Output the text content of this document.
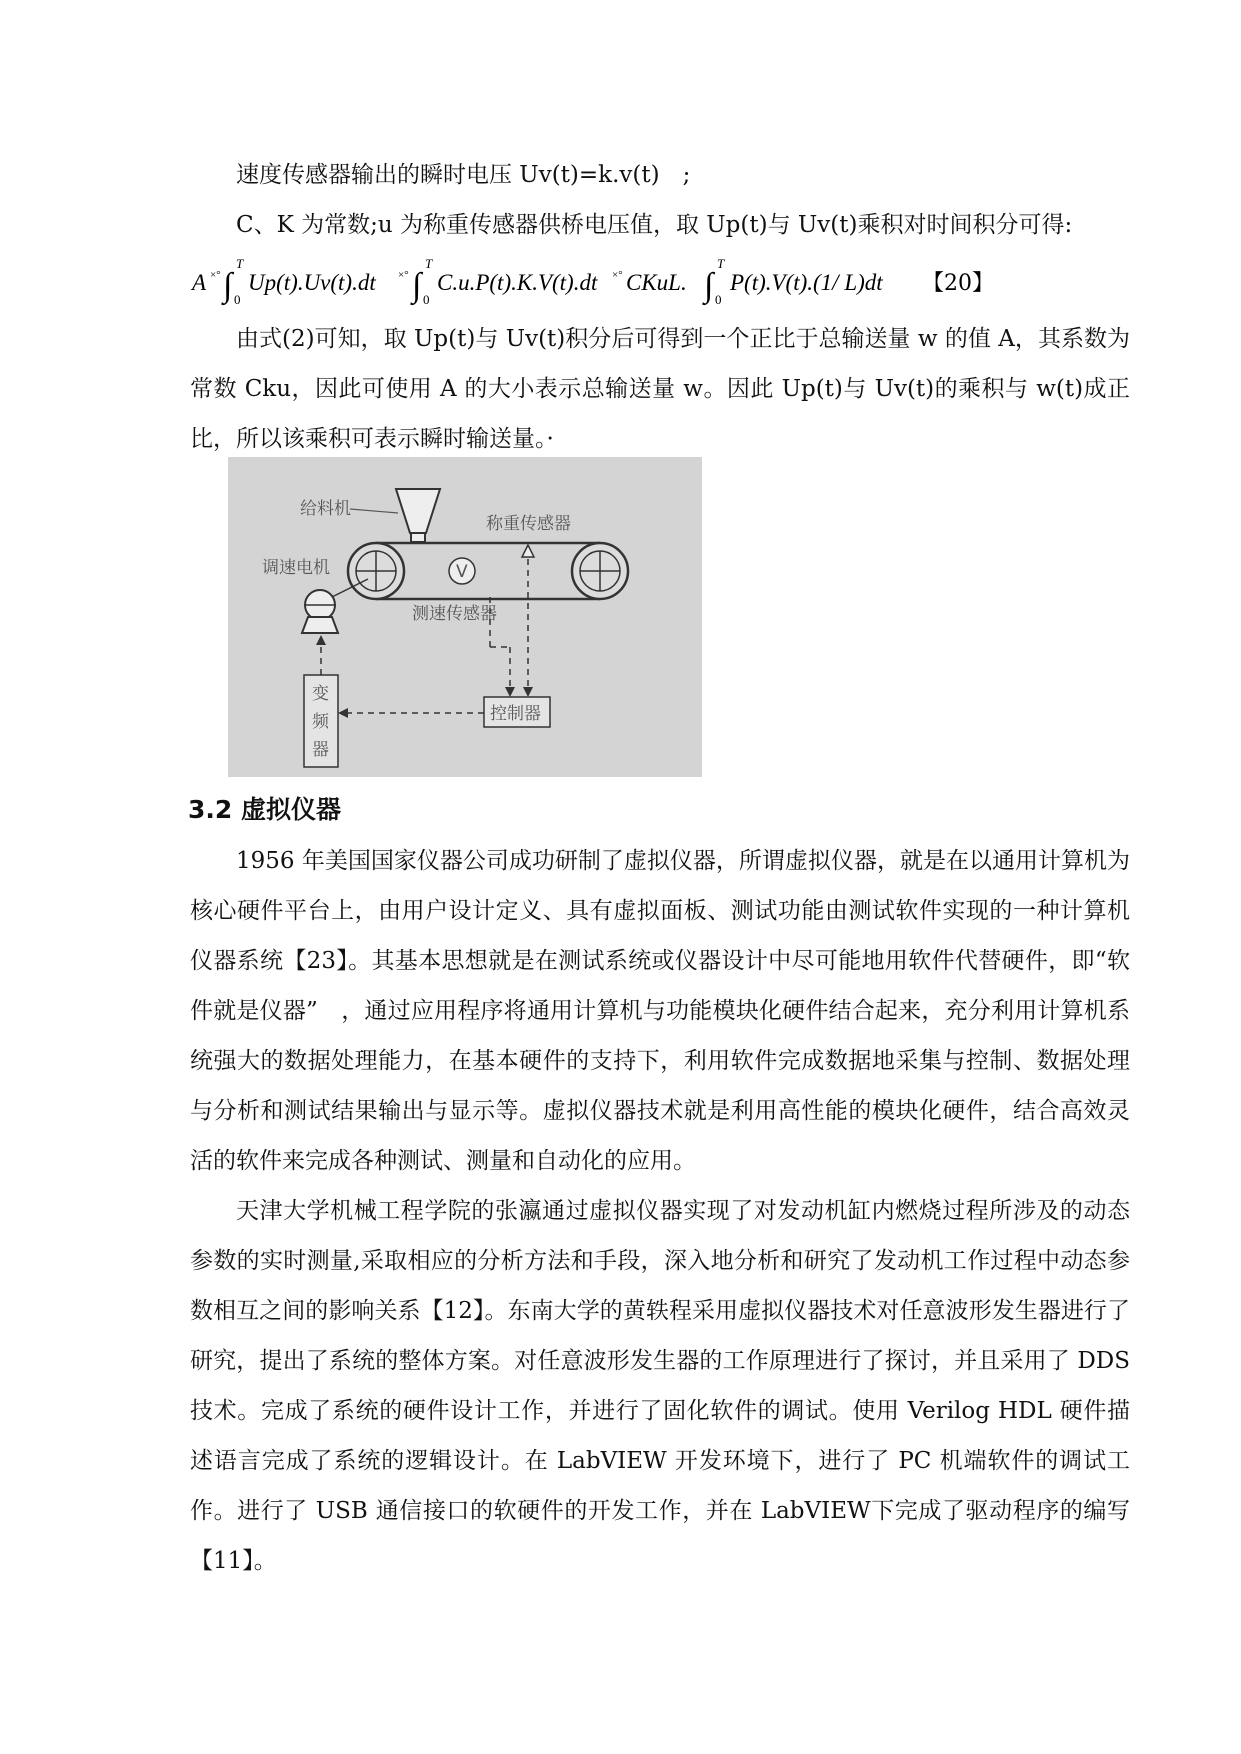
速度传感器输出的瞬时电压 Uv(t)=k.v(t)　;

C、K 为常数;u 为称重传感器供桥电压值，取 Up(t)与 Uv(t)乘积对时间积分可得:

A ×° ∫
T
0
Up(t).Uv(t).dt ×° ∫
T
0
C.u.P(t).K.V(t).dt ×° CKuL. ∫
T
0
P(t).V(t).(1/ L)dt 【20】

由式(2)可知，取 Up(t)与 Uv(t)积分后可得到一个正比于总输送量 w 的值 A，其系数为常数 Cku，因此可使用 A 的大小表示总输送量 w。因此 Up(t)与 Uv(t)的乘积与 w(t)成正比，所以该乘积可表示瞬时输送量。·

给料机
称重传感器
V
测速传感器
调速电机
控制器
变
频
器
3.2 虚拟仪器

1956 年美国国家仪器公司成功研制了虚拟仪器，所谓虚拟仪器，就是在以通用计算机为核心硬件平台上，由用户设计定义、具有虚拟面板、测试功能由测试软件实现的一种计算机仪器系统【23】。其基本思想就是在测试系统或仪器设计中尽可能地用软件代替硬件，即“软件就是仪器”　，通过应用程序将通用计算机与功能模块化硬件结合起来，充分利用计算机系统强大的数据处理能力，在基本硬件的支持下，利用软件完成数据地采集与控制、数据处理与分析和测试结果输出与显示等。虚拟仪器技术就是利用高性能的模块化硬件，结合高效灵活的软件来完成各种测试、测量和自动化的应用。

天津大学机械工程学院的张瀛通过虚拟仪器实现了对发动机缸内燃烧过程所涉及的动态参数的实时测量,采取相应的分析方法和手段，深入地分析和研究了发动机工作过程中动态参数相互之间的影响关系【12】。东南大学的黄轶程采用虚拟仪器技术对任意波形发生器进行了研究，提出了系统的整体方案。对任意波形发生器的工作原理进行了探讨，并且采用了 DDS 技术。完成了系统的硬件设计工作，并进行了固化软件的调试。使用 Verilog HDL 硬件描述语言完成了系统的逻辑设计。在 LabVIEW 开发环境下，进行了 PC 机端软件的调试工作。进行了 USB 通信接口的软硬件的开发工作，并在 LabVIEW下完成了驱动程序的编写【11】。
